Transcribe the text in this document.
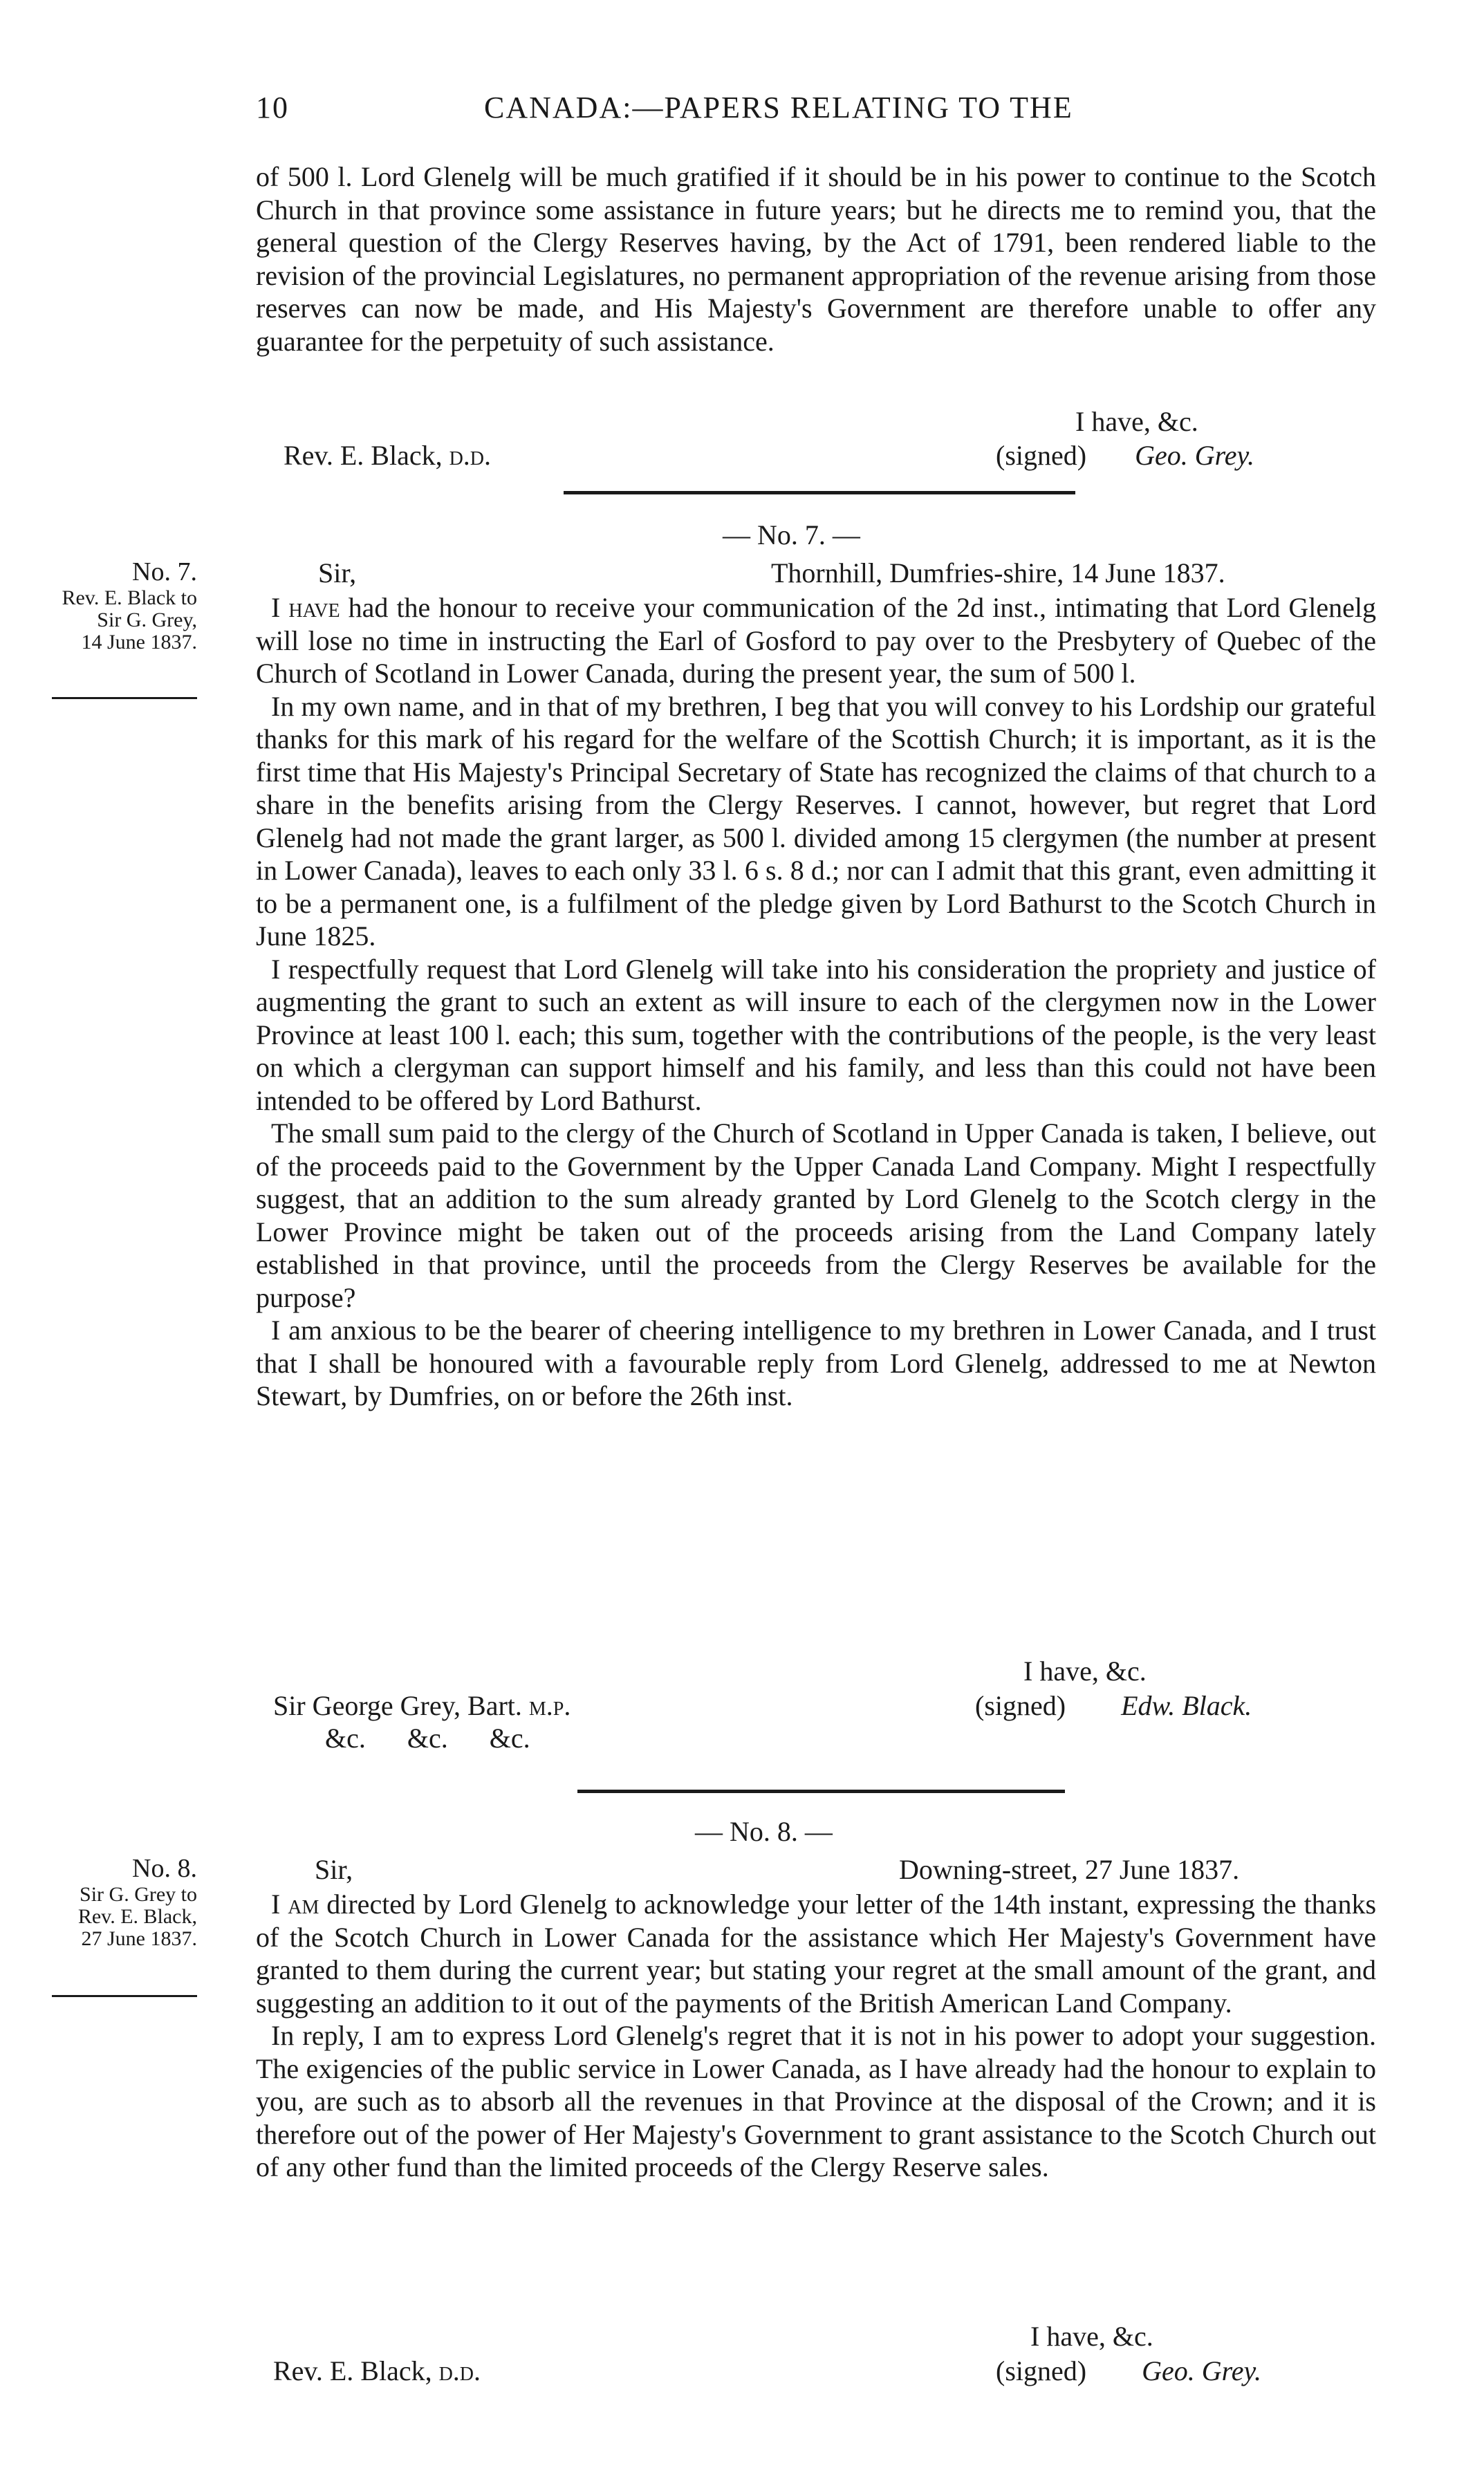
10	CANADA:—PAPERS RELATING TO THE

of 500 l. Lord Glenelg will be much gratified if it should be in his power to continue to the Scotch Church in that province some assistance in future years; but he directs me to remind you, that the general question of the Clergy Reserves having, by the Act of 1791, been rendered liable to the revision of the provincial Legislatures, no permanent appropriation of the revenue arising from those reserves can now be made, and His Majesty's Government are therefore unable to offer any guarantee for the perpetuity of such assistance.

I have, &c.
Rev. E. Black, d.d.	(signed) Geo. Grey.
— No. 7. —
No. 7.
Rev. E. Black to
Sir G. Grey,
14 June 1837.
Sir,	Thornhill, Dumfries-shire, 14 June 1837.

I have had the honour to receive your communication of the 2d inst., intimating that Lord Glenelg will lose no time in instructing the Earl of Gosford to pay over to the Presbytery of Quebec of the Church of Scotland in Lower Canada, during the present year, the sum of 500 l.

In my own name, and in that of my brethren, I beg that you will convey to his Lordship our grateful thanks for this mark of his regard for the welfare of the Scottish Church; it is important, as it is the first time that His Majesty's Principal Secretary of State has recognized the claims of that church to a share in the benefits arising from the Clergy Reserves. I cannot, however, but regret that Lord Glenelg had not made the grant larger, as 500 l. divided among 15 clergymen (the number at present in Lower Canada), leaves to each only 33 l. 6 s. 8 d.; nor can I admit that this grant, even admitting it to be a permanent one, is a fulfilment of the pledge given by Lord Bathurst to the Scotch Church in June 1825.

I respectfully request that Lord Glenelg will take into his consideration the propriety and justice of augmenting the grant to such an extent as will insure to each of the clergymen now in the Lower Province at least 100 l. each; this sum, together with the contributions of the people, is the very least on which a clergyman can support himself and his family, and less than this could not have been intended to be offered by Lord Bathurst.

The small sum paid to the clergy of the Church of Scotland in Upper Canada is taken, I believe, out of the proceeds paid to the Government by the Upper Canada Land Company. Might I respectfully suggest, that an addition to the sum already granted by Lord Glenelg to the Scotch clergy in the Lower Province might be taken out of the proceeds arising from the Land Company lately established in that province, until the proceeds from the Clergy Reserves be available for the purpose?

I am anxious to be the bearer of cheering intelligence to my brethren in Lower Canada, and I trust that I shall be honoured with a favourable reply from Lord Glenelg, addressed to me at Newton Stewart, by Dumfries, on or before the 26th inst.

I have, &c.
Sir George Grey, Bart. m.p.	(signed) Edw. Black.
&c.      &c.      &c.
— No. 8. —
No. 8.
Sir G. Grey to
Rev. E. Black,
27 June 1837.
Sir,	Downing-street, 27 June 1837.

I am directed by Lord Glenelg to acknowledge your letter of the 14th instant, expressing the thanks of the Scotch Church in Lower Canada for the assistance which Her Majesty's Government have granted to them during the current year; but stating your regret at the small amount of the grant, and suggesting an addition to it out of the payments of the British American Land Company.

In reply, I am to express Lord Glenelg's regret that it is not in his power to adopt your suggestion. The exigencies of the public service in Lower Canada, as I have already had the honour to explain to you, are such as to absorb all the revenues in that Province at the disposal of the Crown; and it is therefore out of the power of Her Majesty's Government to grant assistance to the Scotch Church out of any other fund than the limited proceeds of the Clergy Reserve sales.

I have, &c.
Rev. E. Black, d.d.	(signed) Geo. Grey.
